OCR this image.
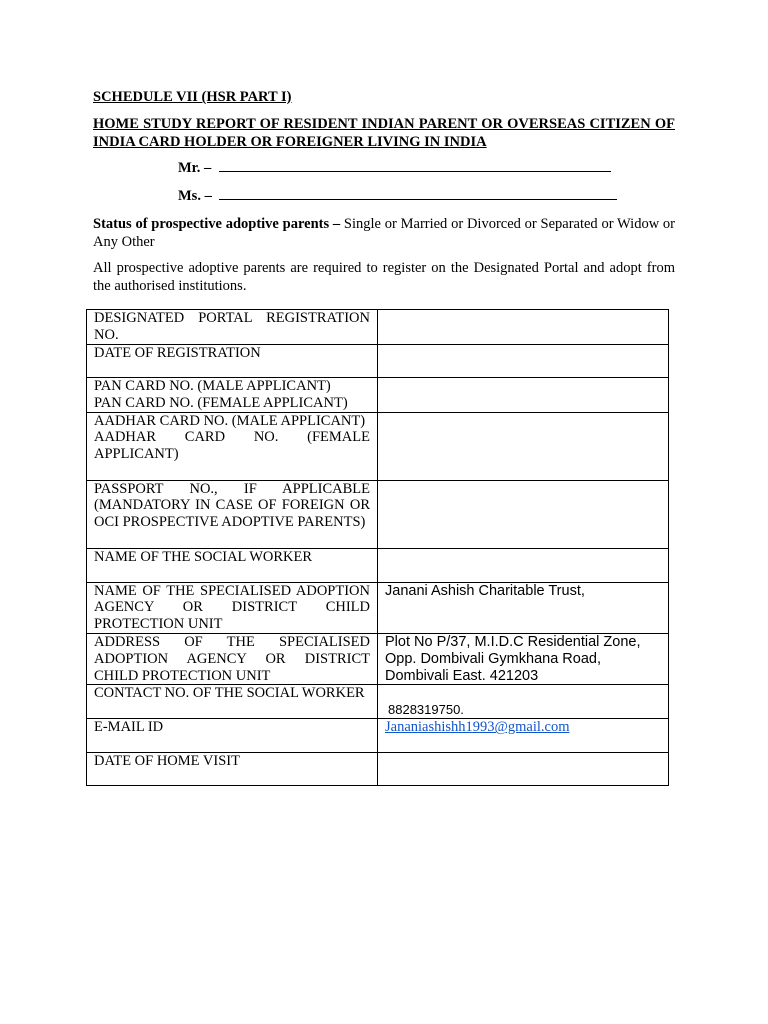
SCHEDULE VII (HSR PART I)

HOME STUDY REPORT OF RESIDENT INDIAN PARENT OR OVERSEAS CITIZEN OF INDIA CARD HOLDER OR FOREIGNER LIVING IN INDIA

Mr. –
Ms. –

Status of prospective adoptive parents – Single or Married or Divorced or Separated or Widow or Any Other

All prospective adoptive parents are required to register on the Designated Portal and adopt from the authorised institutions.

DESIGNATED PORTAL REGISTRATION NO.	
DATE OF REGISTRATION	

PAN CARD NO. (MALE APPLICANT)
PAN CARD NO. (FEMALE APPLICANT)	

AADHAR CARD NO. (MALE APPLICANT)
AADHAR CARD NO. (FEMALE APPLICANT)	

PASSPORT NO., IF APPLICABLE (MANDATORY IN CASE OF FOREIGN OR OCI PROSPECTIVE ADOPTIVE PARENTS)	
NAME OF THE SOCIAL WORKER	
NAME OF THE SPECIALISED ADOPTION AGENCY OR DISTRICT CHILD PROTECTION UNIT	Janani Ashish Charitable Trust,
ADDRESS OF THE SPECIALISED ADOPTION AGENCY OR DISTRICT CHILD PROTECTION UNIT	Plot No P/37, M.I.D.C Residential Zone,
Opp. Dombivali Gymkhana Road,
Dombivali East. 421203

CONTACT NO. OF THE SOCIAL WORKER	8828319750.
E-MAIL ID	Jananiashishh1993@gmail.com
DATE OF HOME VISIT	
